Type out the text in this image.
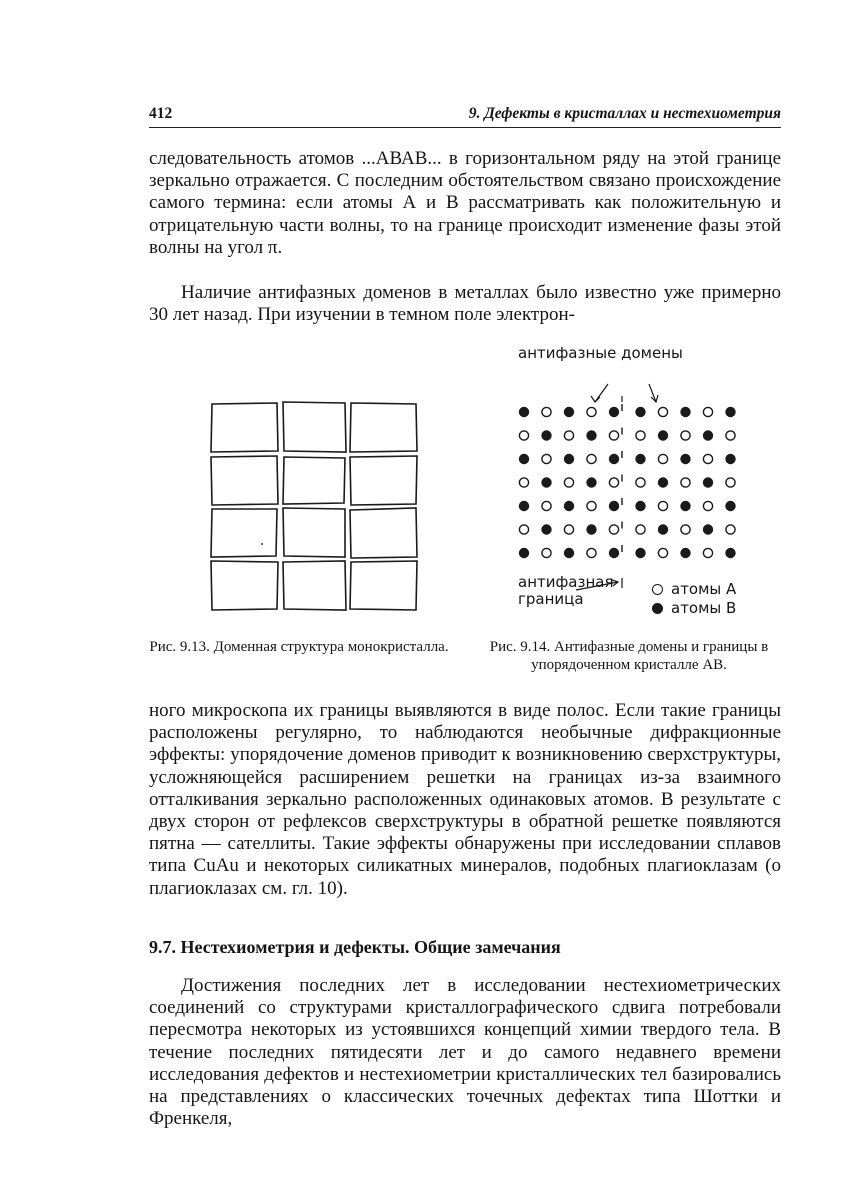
412	9. Дефекты в кристаллах и нестехиометрия

следовательность атомов ...АВАВ... в горизонтальном ряду на этой границе зеркально отражается. С последним обстоятельством связано происхождение самого термина: если атомы А и В рассматривать как положительную и отрицательную части волны, то на границе происходит изменение фазы этой волны на угол π.

Наличие антифазных доменов в металлах было известно уже примерно 30 лет назад. При изучении в темном поле электрон-

антифазные домены
антифазная
граница
атомы А
атомы B

Рис. 9.13. Доменная структура монокристалла.	Рис. 9.14. Антифазные домены и границы в упорядоченном кристалле АВ.

ного микроскопа их границы выявляются в виде полос. Если такие границы расположены регулярно, то наблюдаются необычные дифракционные эффекты: упорядочение доменов приводит к возникновению сверхструктуры, усложняющейся расширением решетки на границах из-за взаимного отталкивания зеркально расположенных одинаковых атомов. В результате с двух сторон от рефлексов сверхструктуры в обратной решетке появляются пятна — сателлиты. Такие эффекты обнаружены при исследовании сплавов типа CuAu и некоторых силикатных минералов, подобных плагиоклазам (о плагиоклазах см. гл. 10).

9.7. Нестехиометрия и дефекты. Общие замечания

Достижения последних лет в исследовании нестехиометрических соединений со структурами кристаллографического сдвига потребовали пересмотра некоторых из устоявшихся концепций химии твердого тела. В течение последних пятидесяти лет и до самого недавнего времени исследования дефектов и нестехиометрии кристаллических тел базировались на представлениях о классических точечных дефектах типа Шоттки и Френкеля,
